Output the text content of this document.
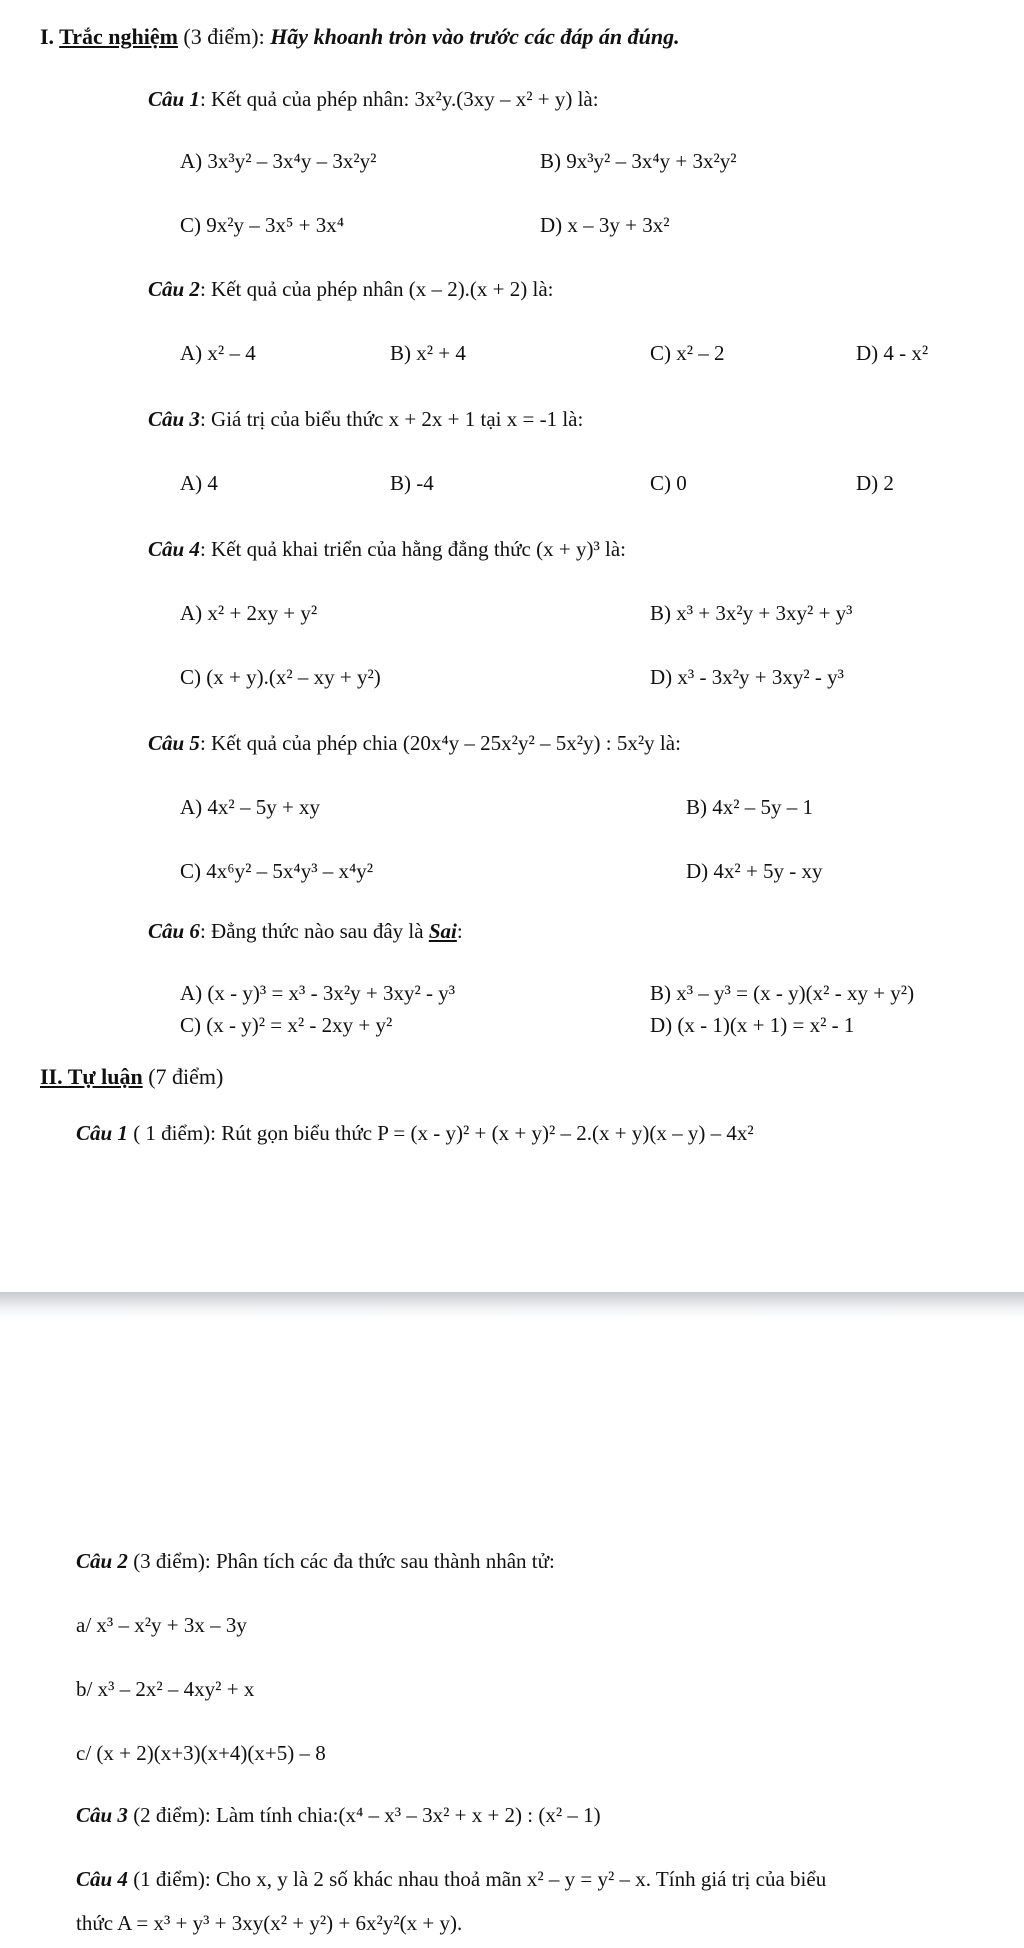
I. Trắc nghiệm (3 điểm): Hãy khoanh tròn vào trước các đáp án đúng.
Câu 1: Kết quả của phép nhân: 3x²y.(3xy – x² + y) là:
A) 3x³y² – 3x⁴y – 3x²y²	B) 9x³y² – 3x⁴y + 3x²y²
C) 9x²y – 3x⁵ + 3x⁴	D) x – 3y + 3x²
Câu 2: Kết quả của phép nhân (x – 2).(x + 2) là:
A) x² – 4	B) x² + 4	C) x² – 2	D) 4 - x²
Câu 3: Giá trị của biểu thức x + 2x + 1 tại x = -1 là:
A) 4	B) -4	C) 0	D) 2
Câu 4: Kết quả khai triển của hằng đẳng thức (x + y)³ là:
A) x² + 2xy + y²	B) x³ + 3x²y + 3xy² + y³
C) (x + y).(x² – xy + y²)	D) x³ - 3x²y + 3xy² - y³
Câu 5: Kết quả của phép chia (20x⁴y – 25x²y² – 5x²y) : 5x²y là:
A) 4x² – 5y + xy	B) 4x² – 5y – 1
C) 4x⁶y² – 5x⁴y³ – x⁴y²	D) 4x² + 5y - xy
Câu 6: Đẳng thức nào sau đây là Sai:
A) (x - y)³ = x³ - 3x²y + 3xy² - y³	B) x³ – y³ = (x - y)(x² - xy + y²)
C) (x - y)² = x² - 2xy + y²	D) (x - 1)(x + 1) = x² - 1
II. Tự luận (7 điểm)
Câu 1 ( 1 điểm): Rút gọn biểu thức P = (x - y)² + (x + y)² – 2.(x + y)(x – y) – 4x²
Câu 2 (3 điểm): Phân tích các đa thức sau thành nhân tử:
a/ x³ – x²y + 3x – 3y
b/ x³ – 2x² – 4xy² + x
c/ (x + 2)(x+3)(x+4)(x+5) – 8
Câu 3 (2 điểm): Làm tính chia:(x⁴ – x³ – 3x² + x + 2) : (x² – 1)
Câu 4 (1 điểm): Cho x, y là 2 số khác nhau thoả mãn x² – y = y² – x. Tính giá trị của biểu
thức A = x³ + y³ + 3xy(x² + y²) + 6x²y²(x + y).
